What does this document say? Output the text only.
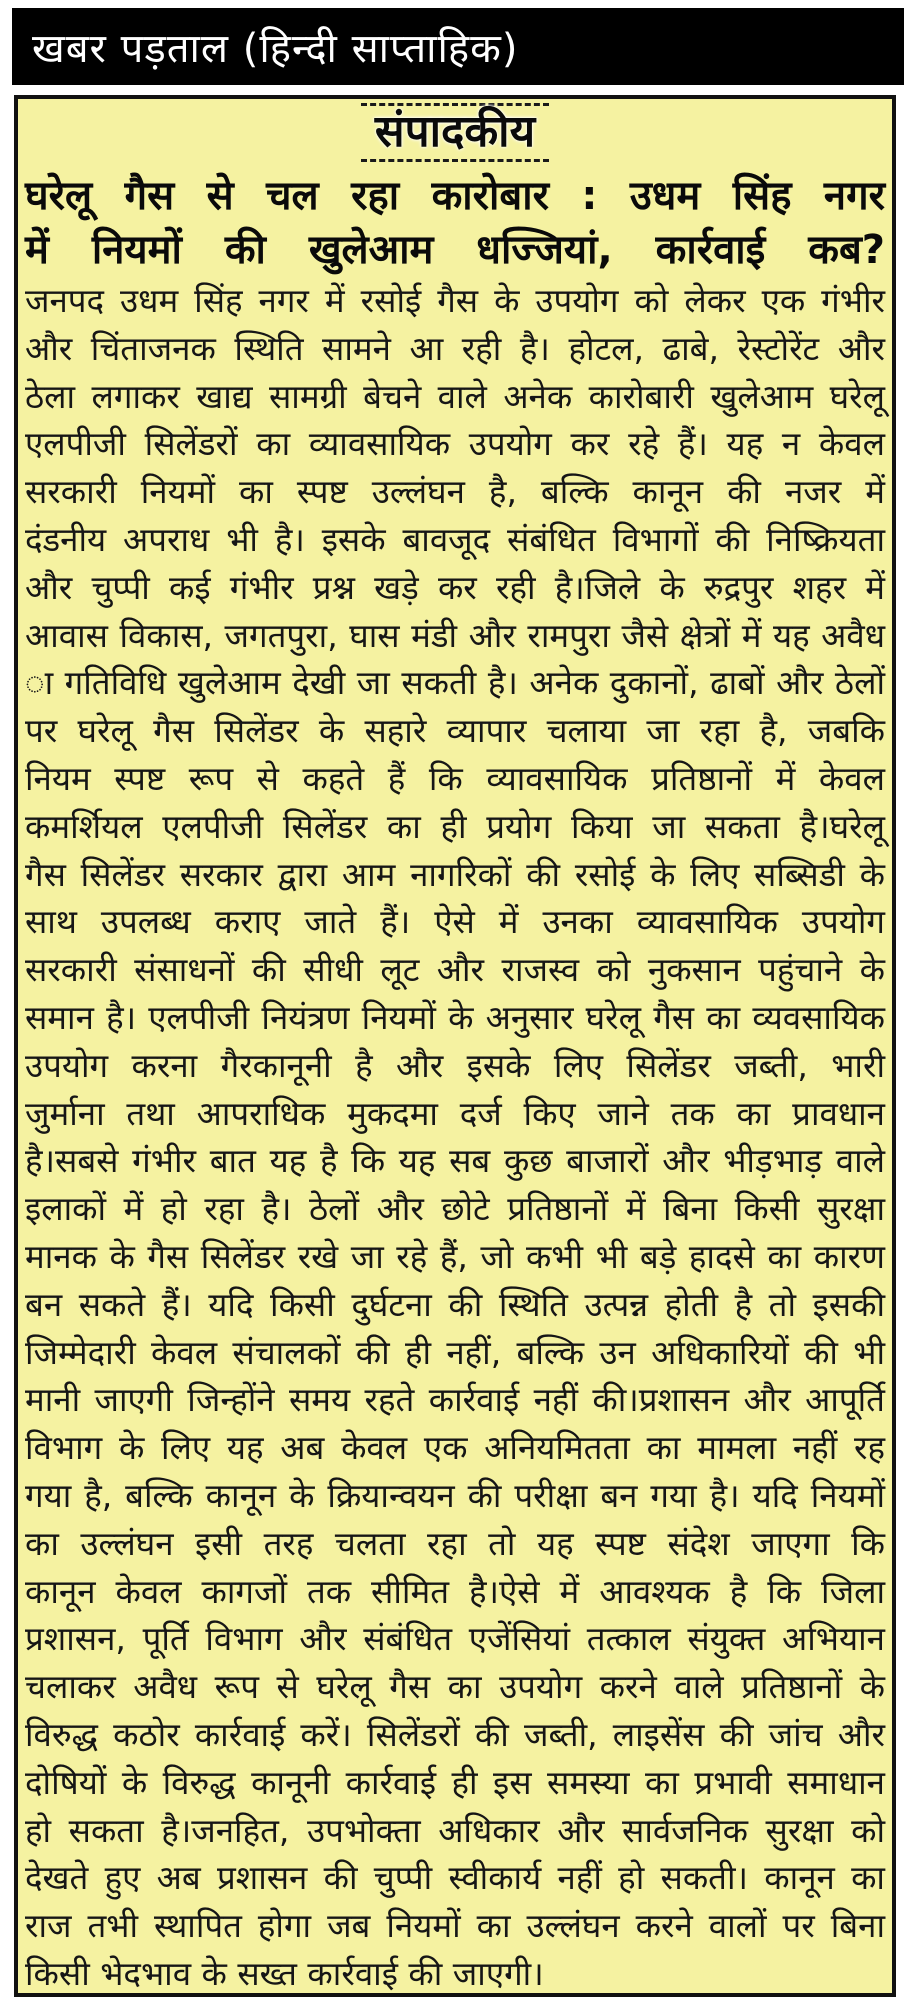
खबर पड़ताल (हिन्दी साप्ताहिक)
संपादकीय
घरेलू गैस से चल रहा कारोबार : उधम सिंह नगर
में नियमों की खुलेआम धज्जियां, कार्रवाई कब?
जनपद उधम सिंह नगर में रसोई गैस के उपयोग को लेकर एक गंभीर
और चिंताजनक स्थिति सामने आ रही है। होटल, ढाबे, रेस्टोरेंट और
ठेला लगाकर खाद्य सामग्री बेचने वाले अनेक कारोबारी खुलेआम घरेलू
एलपीजी सिलेंडरों का व्यावसायिक उपयोग कर रहे हैं। यह न केवल
सरकारी नियमों का स्पष्ट उल्लंघन है, बल्कि कानून की नजर में
दंडनीय अपराध भी है। इसके बावजूद संबंधित विभागों की निष्क्रियता
और चुप्पी कई गंभीर प्रश्न खड़े कर रही है।जिले के रुद्रपुर शहर में
आवास विकास, जगतपुरा, घास मंडी और रामपुरा जैसे क्षेत्रों में यह अवैध
ा गतिविधि खुलेआम देखी जा सकती है। अनेक दुकानों, ढाबों और ठेलों
पर घरेलू गैस सिलेंडर के सहारे व्यापार चलाया जा रहा है, जबकि
नियम स्पष्ट रूप से कहते हैं कि व्यावसायिक प्रतिष्ठानों में केवल
कमर्शियल एलपीजी सिलेंडर का ही प्रयोग किया जा सकता है।घरेलू
गैस सिलेंडर सरकार द्वारा आम नागरिकों की रसोई के लिए सब्सिडी के
साथ उपलब्ध कराए जाते हैं। ऐसे में उनका व्यावसायिक उपयोग
सरकारी संसाधनों की सीधी लूट और राजस्व को नुकसान पहुंचाने के
समान है। एलपीजी नियंत्रण नियमों के अनुसार घरेलू गैस का व्यवसायिक
उपयोग करना गैरकानूनी है और इसके लिए सिलेंडर जब्ती, भारी
जुर्माना तथा आपराधिक मुकदमा दर्ज किए जाने तक का प्रावधान
है।सबसे गंभीर बात यह है कि यह सब कुछ बाजारों और भीड़भाड़ वाले
इलाकों में हो रहा है। ठेलों और छोटे प्रतिष्ठानों में बिना किसी सुरक्षा
मानक के गैस सिलेंडर रखे जा रहे हैं, जो कभी भी बड़े हादसे का कारण
बन सकते हैं। यदि किसी दुर्घटना की स्थिति उत्पन्न होती है तो इसकी
जिम्मेदारी केवल संचालकों की ही नहीं, बल्कि उन अधिकारियों की भी
मानी जाएगी जिन्होंने समय रहते कार्रवाई नहीं की।प्रशासन और आपूर्ति
विभाग के लिए यह अब केवल एक अनियमितता का मामला नहीं रह
गया है, बल्कि कानून के क्रियान्वयन की परीक्षा बन गया है। यदि नियमों
का उल्लंघन इसी तरह चलता रहा तो यह स्पष्ट संदेश जाएगा कि
कानून केवल कागजों तक सीमित है।ऐसे में आवश्यक है कि जिला
प्रशासन, पूर्ति विभाग और संबंधित एजेंसियां तत्काल संयुक्त अभियान
चलाकर अवैध रूप से घरेलू गैस का उपयोग करने वाले प्रतिष्ठानों के
विरुद्ध कठोर कार्रवाई करें। सिलेंडरों की जब्ती, लाइसेंस की जांच और
दोषियों के विरुद्ध कानूनी कार्रवाई ही इस समस्या का प्रभावी समाधान
हो सकता है।जनहित, उपभोक्ता अधिकार और सार्वजनिक सुरक्षा को
देखते हुए अब प्रशासन की चुप्पी स्वीकार्य नहीं हो सकती। कानून का
राज तभी स्थापित होगा जब नियमों का उल्लंघन करने वालों पर बिना
किसी भेदभाव के सख्त कार्रवाई की जाएगी।
